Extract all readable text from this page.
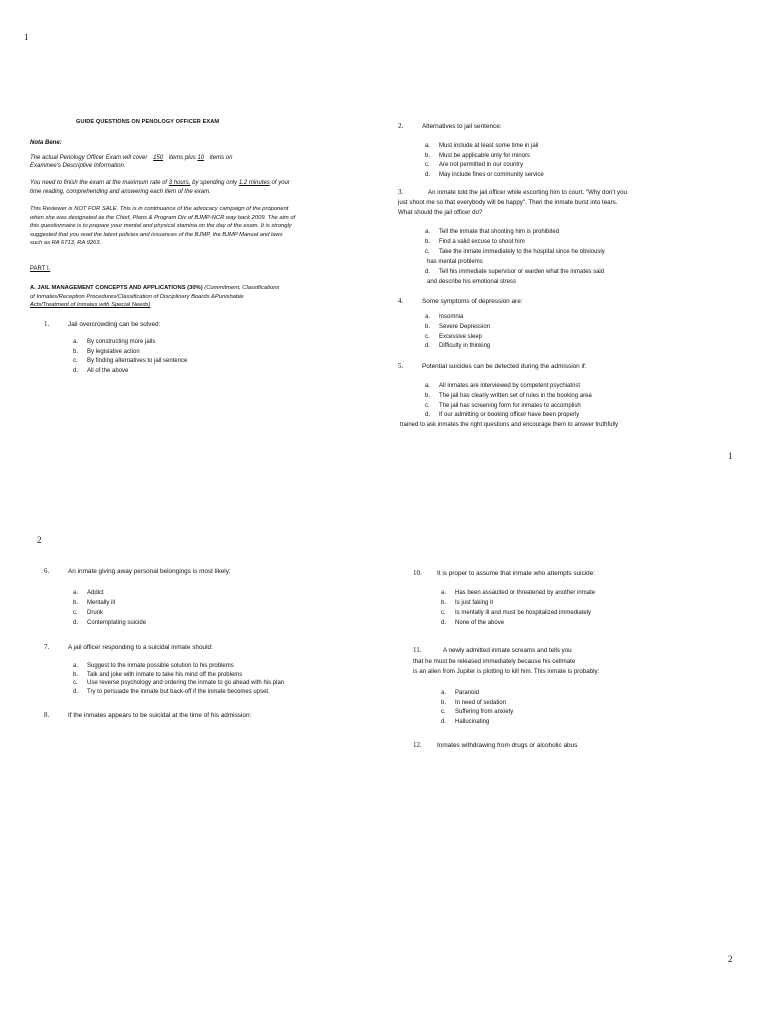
1
1
2
2
GUIDE QUESTIONS ON PENOLOGY OFFICER EXAM
Nota Bene:
The actual Penology Officer Exam will cover 150 items plus 10 items on
Examinee's Descriptive Information.
You need to finish the exam at the maximum rate of 3 hours, by spending only 1.2 minutes of your
time reading, comprehending and answering each item of the exam.
This Reviewer is NOT FOR SALE. This is in continuance of the advocacy campaign of the proponent
when she was designated as the Chief, Plans & Program Div of BJMP-NCR way back 2009. The aim of
this questionnaire is to prepare your mental and physical stamina on the day of the exam. It is strongly
suggested that you read the latest policies and issuances of the BJMP, the BJMP Manual and laws
such as RA 6713, RA 9263.
PART I.
A. JAIL MANAGEMENT CONCEPTS AND APPLICATIONS (30%) (Commitment, Classifications
of Inmates/Reception Procedures/Classification of Disciplinary Boards &Punishable
Acts/Treatment of Inmates with Special Needs)
1.	Jail overcrowding can be solved:
a. By constructing more jails
b. By legislative action
c. By finding alternatives to jail sentence
d. All of the above
2.	Alternatives to jail sentence:
a. Must include at least some time in jail
b. Must be applicable only for minors
c. Are not permitted in our country
d. May include fines or community service
3.	An inmate told the jail officer while escorting him to court, "Why don't you
just shoot me so that everybody will be happy". Then the inmate burst into tears.
What should the jail officer do?
a. Tell the inmate that shooting him is prohibited
b. Find a valid excuse to shoot him
c. Take the inmate immediately to the hospital since he obviously
has mental problems
d. Tell his immediate supervisor or warden what the inmates said
and describe his emotional stress
4.	Some symptoms of depression are:
a. Insomnia
b. Severe Depression
c. Excessive sleep
d. Difficulty in thinking
5.	Potential suicides can be detected during the admission if:
a. All inmates are interviewed by competent psychiatrist
b. The jail has clearly written set of rules in the booking area
c. The jail has screening form for inmates to accomplish
d. If our admitting or booking officer have been properly
trained to ask inmates the right questions and encourage them to answer truthfully
6.	An inmate giving away personal belongings is most likely:
a. Addict
b. Mentally ill
c. Drunk
d. Contemplating suicide
7.	A jail officer responding to a suicidal inmate should:
a. Suggest to the inmate possible solution to his problems
b. Talk and joke with inmate to take his mind off the problems
c. Use reverse psychology and ordering the inmate to go ahead with his plan
d. Try to persuade the inmate but back-off if the inmate becomes upset.
8.	If the inmates appears to be suicidal at the time of his admission:
10. It is proper to assume that inmate who attempts suicide:
a. Has been assaulted or threatened by another inmate
b. Is just faking it
c. Is mentally ill and must be hospitalized immediately
d. None of the above
11.	A newly admitted inmate screams and tells you
that he must be released immediately because his cellmate
is an alien from Jupiter is plotting to kill him. This inmate is probably:
a. Paranoid
b. In need of sedation
c. Suffering from anxiety
d. Hallucinating
12. Inmates withdrawing from drugs or alcoholic abus
